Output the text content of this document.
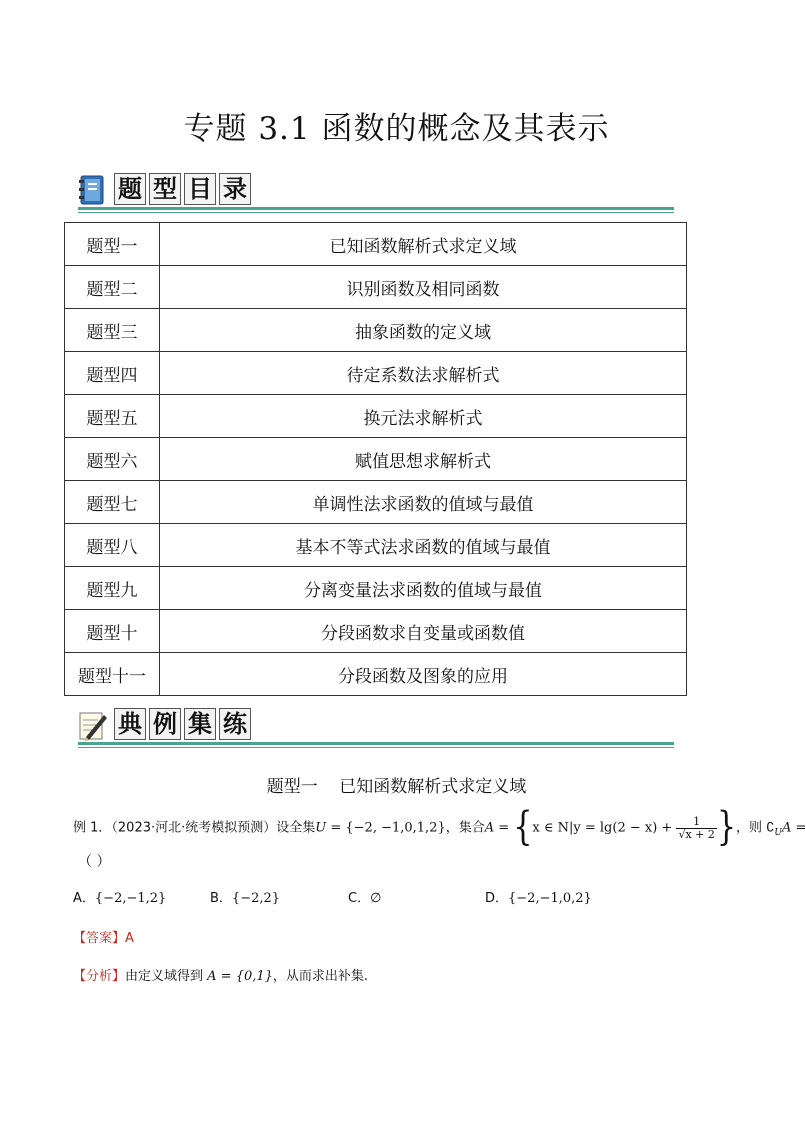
专题 3.1 函数的概念及其表示
题 型 目 录
题型一	已知函数解析式求定义域
题型二	识别函数及相同函数
题型三	抽象函数的定义域
题型四	待定系数法求解析式
题型五	换元法求解析式
题型六	赋值思想求解析式
题型七	单调性法求函数的值域与最值
题型八	基本不等式法求函数的值域与最值
题型九	分离变量法求函数的值域与最值
题型十	分段函数求自变量或函数值
题型十一	分段函数及图象的应用
典 例 集 练
题型一 已知函数解析式求定义域
例 1．（2023·河北·统考模拟预测）设全集U = {−2, −1,0,1,2}，集合A = {x ∈ $N|y = \lg(2 - x) + \frac{1}{√x + 2}$ }，则 $∁_UA$ =
（ ）
A．{−2,−1,2}	B．{−2,2}	C．∅	D．{−2,−1,0,2}
【答案】A
【分析】由定义域得到 A = {0,1}，从而求出补集.
